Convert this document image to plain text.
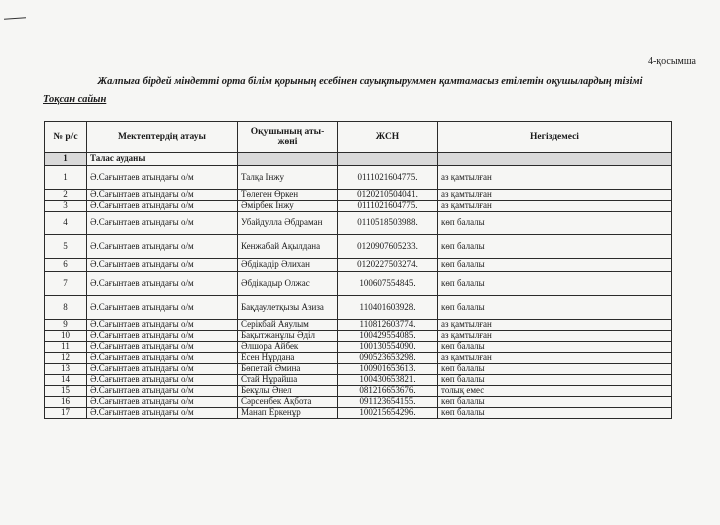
4-қосымша
Жалпыға бірдей міндетті орта білім қорының есебінен сауықтыруммен қамтамасыз етілетін оқушылардың тізімі
Тоқсан сайын
№ р/с	Мектептердің атауы	Оқушының аты-жөні	ЖСН	Негіздемесі
1	Талас ауданы			
1	Ә.Сағынтаев атындағы о/м	Талқа Інжу	0111021604775.	аз қамтылған
2	Ә.Сағынтаев атындағы о/м	Төлеген Өркен	0120210504041.	аз қамтылған
3	Ә.Сағынтаев атындағы о/м	Әмірбек Інжу	0111021604775.	аз қамтылған
4	Ә.Сағынтаев атындағы о/м	Убайдулла Әбдраман	0110518503988.	көп балалы
5	Ә.Сағынтаев атындағы о/м	Кенжабай Ақылдана	0120907605233.	көп балалы
6	Ә.Сағынтаев атындағы о/м	Әбдікадір Әлихан	0120227503274.	көп балалы
7	Ә.Сағынтаев атындағы о/м	Әбдікадыр Олжас	100607554845.	көп балалы
8	Ә.Сағынтаев атындағы о/м	Бақдаулетқызы Азиза	110401603928.	көп балалы
9	Ә.Сағынтаев атындағы о/м	Серікбай Аяулым	110812603774.	аз қамтылған
10	Ә.Сағынтаев атындағы о/м	Бақытжанұлы Әділ	100429554085.	аз қамтылған
11	Ә.Сағынтаев атындағы о/м	Әлшора Айбек	100130554090.	көп балалы
12	Ә.Сағынтаев атындағы о/м	Есен Нұрдана	090523653298.	аз қамтылған
13	Ә.Сағынтаев атындағы о/м	Бөпетай Әмина	100901653613.	көп балалы
14	Ә.Сағынтаев атындағы о/м	Стай Нұрайша	100430653821.	көп балалы
15	Ә.Сағынтаев атындағы о/м	Бекұлы Әнел	081216653676.	толық емес
16	Ә.Сағынтаев атындағы о/м	Сәрсенбек Ақбота	091123654155.	көп балалы
17	Ә.Сағынтаев атындағы о/м	Манап Еркенұр	100215654296.	көп балалы
